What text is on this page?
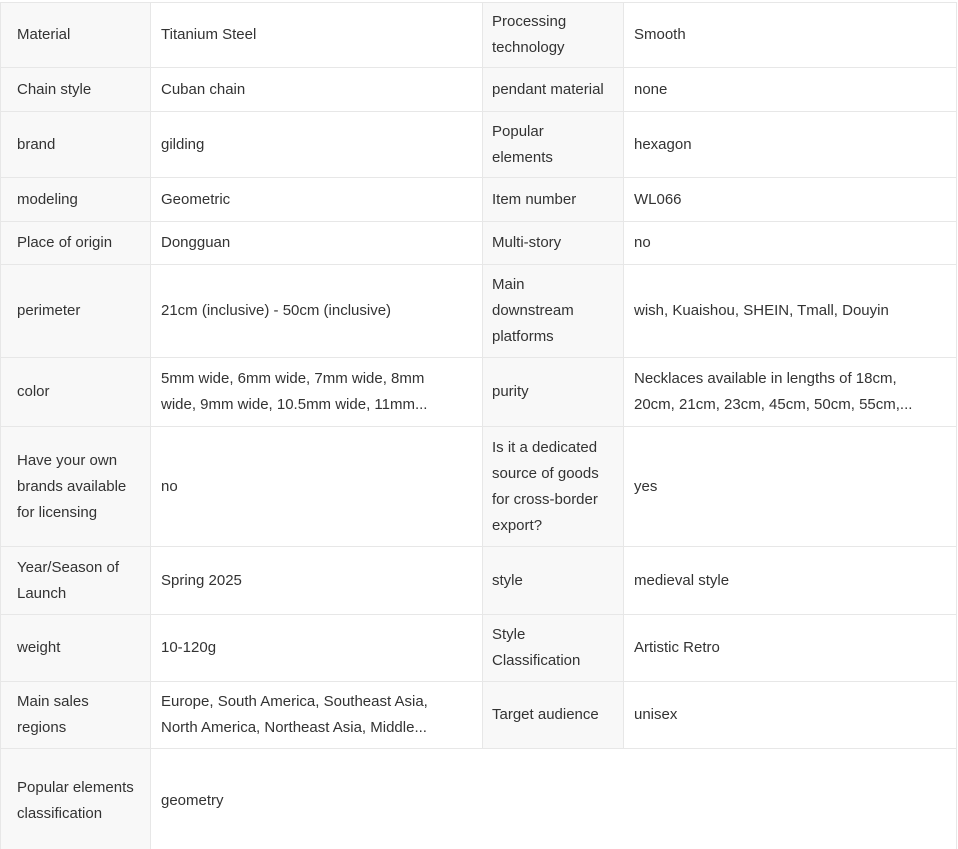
Material	Titanium Steel	Processing technology	Smooth
Chain style	Cuban chain	pendant material	none
brand	gilding	Popular elements	hexagon
modeling	Geometric	Item number	WL066
Place of origin	Dongguan	Multi-story	no
perimeter	21cm (inclusive) - 50cm (inclusive)	Main downstream platforms	wish, Kuaishou, SHEIN, Tmall, Douyin
color	5mm wide, 6mm wide, 7mm wide, 8mm wide, 9mm wide, 10.5mm wide, 11mm...	purity	Necklaces available in lengths of 18cm, 20cm, 21cm, 23cm, 45cm, 50cm, 55cm,...
Have your own brands available for licensing	no	Is it a dedicated source of goods for cross-border export?	yes
Year/Season of Launch	Spring 2025	style	medieval style
weight	10-120g	Style Classification	Artistic Retro
Main sales regions	Europe, South America, Southeast Asia, North America, Northeast Asia, Middle...	Target audience	unisex
Popular elements classification	geometry		
